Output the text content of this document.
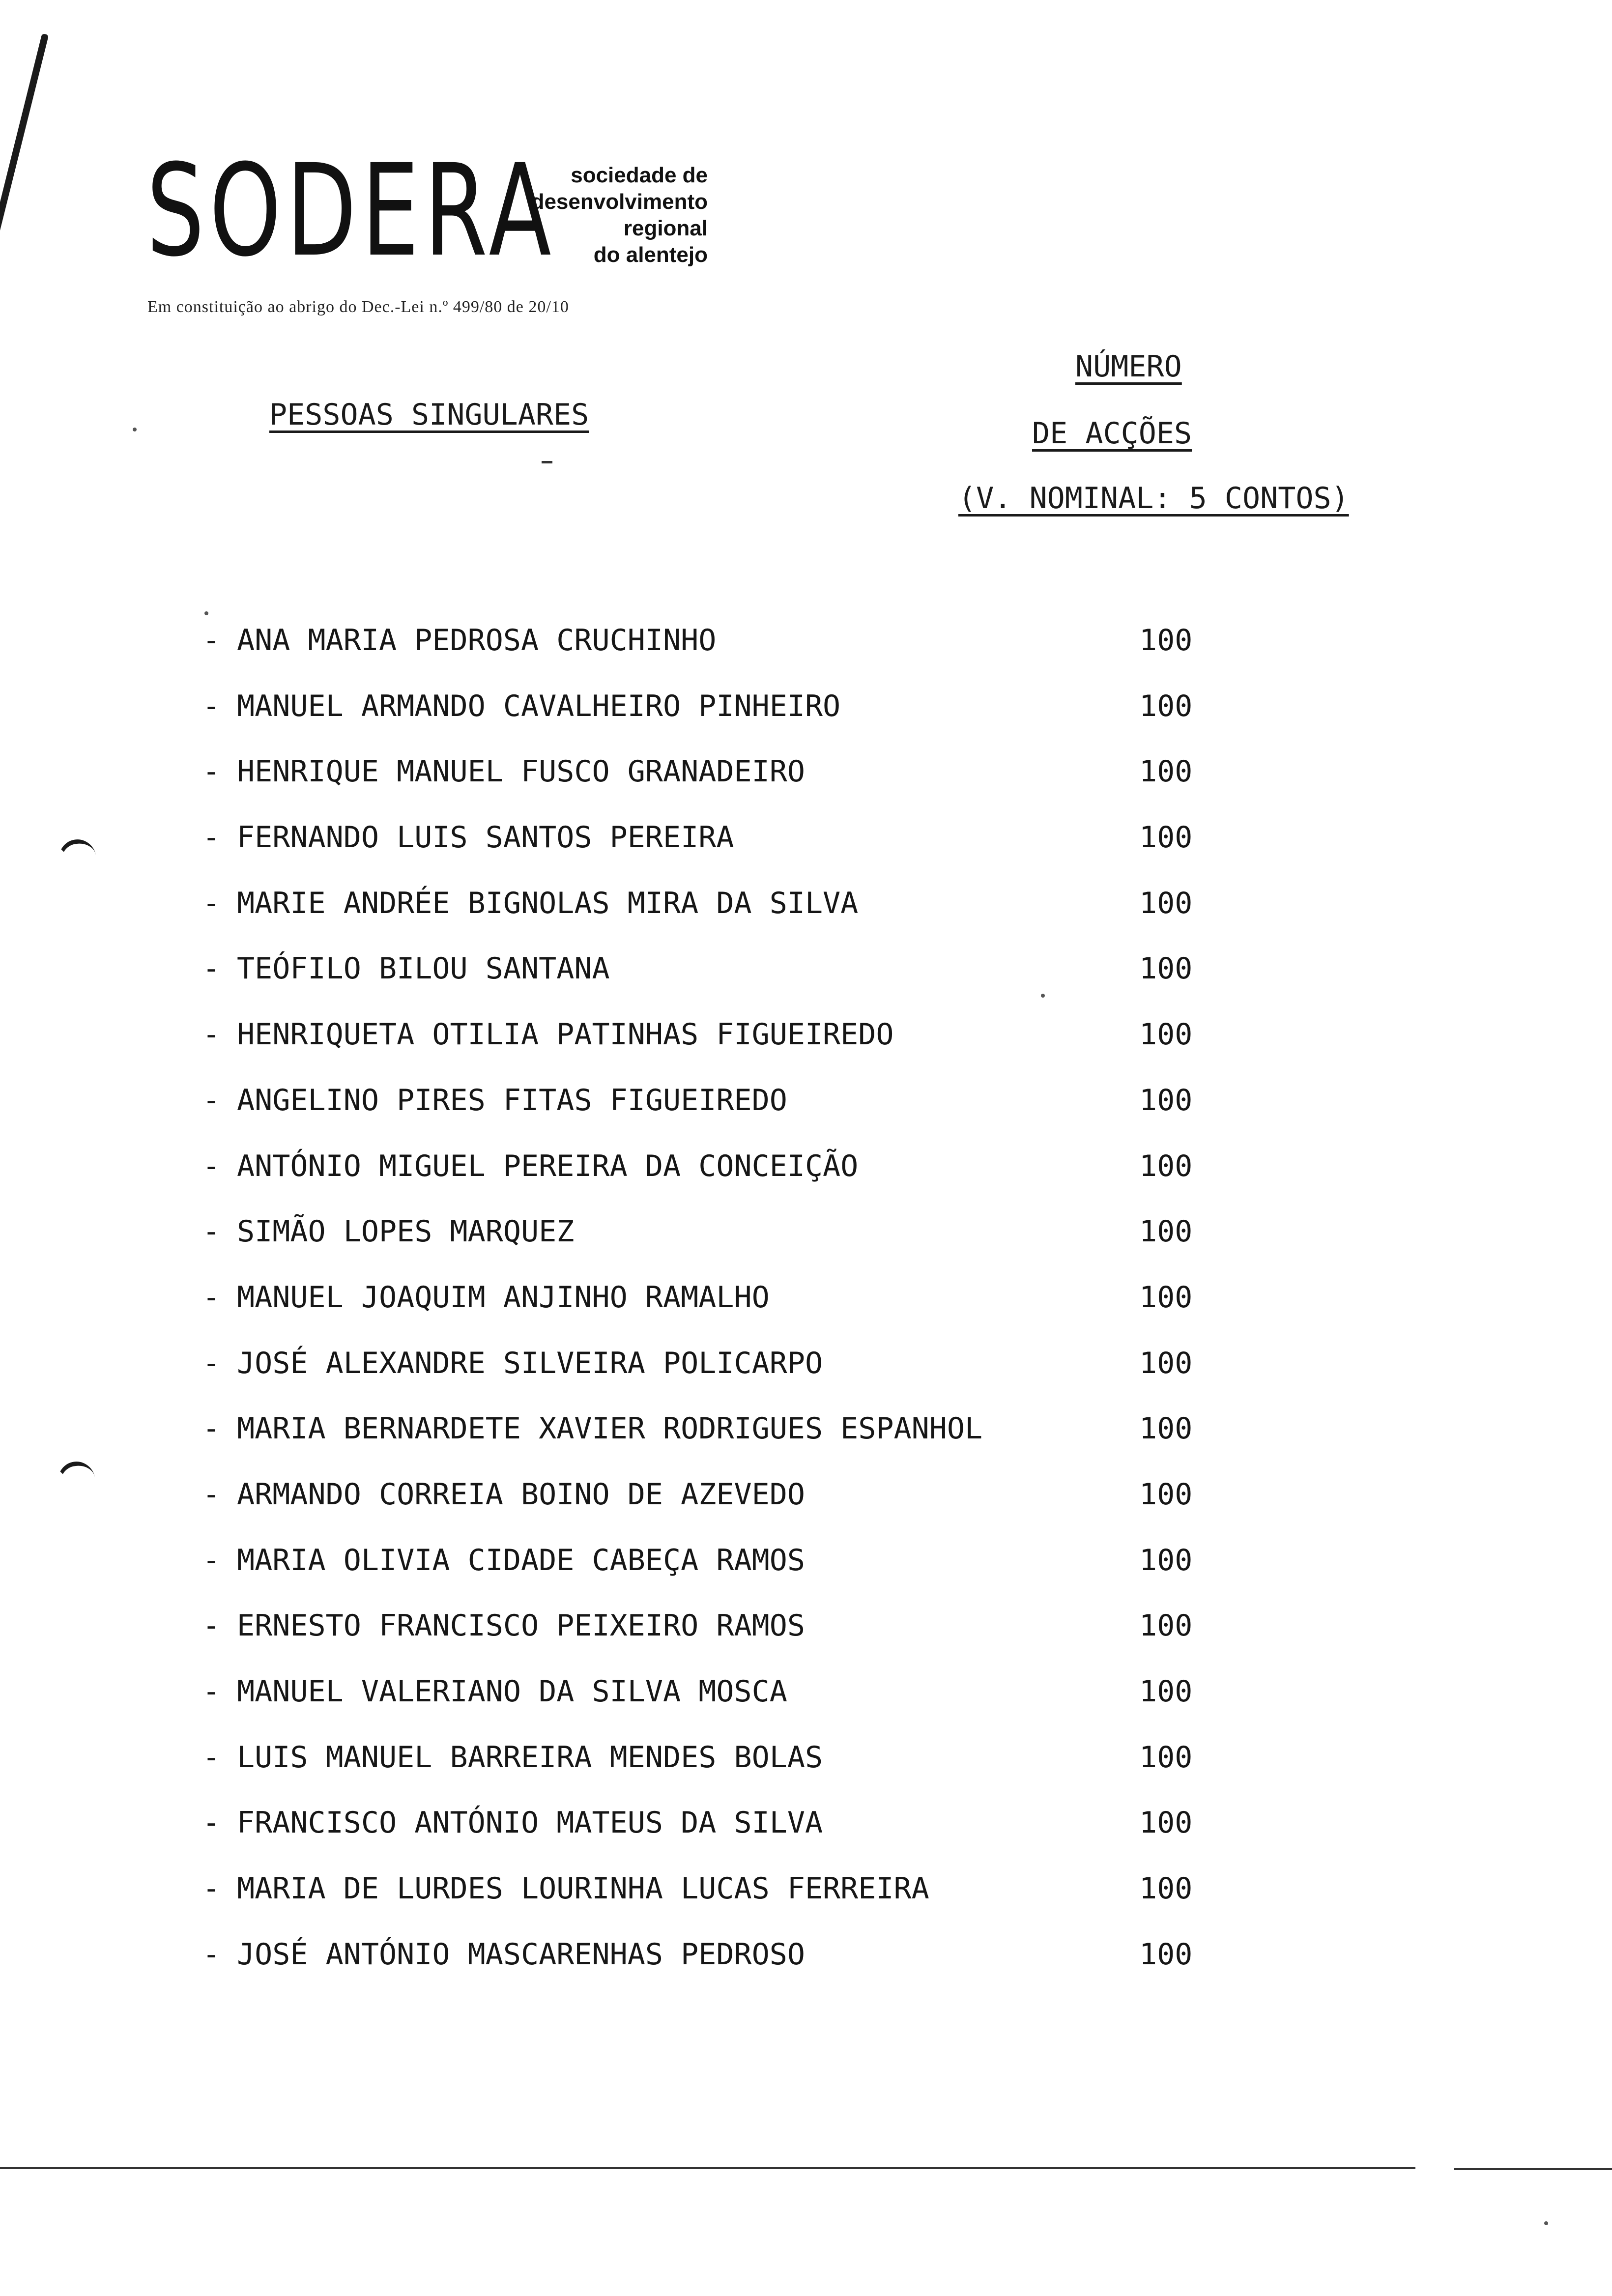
SODERA sociedade de
desenvolvimento
regional
do alentejo
Em constituição ao abrigo do Dec.-Lei n.º 499/80 de 20/10
PESSOAS SINGULARES
NÚMERO
DE ACÇÕES
(V. NOMINAL: 5 CONTOS)
- ANA MARIA PEDROSA CRUCHINHO	100
- MANUEL ARMANDO CAVALHEIRO PINHEIRO	100
- HENRIQUE MANUEL FUSCO GRANADEIRO	100
- FERNANDO LUIS SANTOS PEREIRA	100
- MARIE ANDRÉE BIGNOLAS MIRA DA SILVA	100
- TEÓFILO BILOU SANTANA	100
- HENRIQUETA OTILIA PATINHAS FIGUEIREDO	100
- ANGELINO PIRES FITAS FIGUEIREDO	100
- ANTÓNIO MIGUEL PEREIRA DA CONCEIÇÃO	100
- SIMÃO LOPES MARQUEZ	100
- MANUEL JOAQUIM ANJINHO RAMALHO	100
- JOSÉ ALEXANDRE SILVEIRA POLICARPO	100
- MARIA BERNARDETE XAVIER RODRIGUES ESPANHOL	100
- ARMANDO CORREIA BOINO DE AZEVEDO	100
- MARIA OLIVIA CIDADE CABEÇA RAMOS	100
- ERNESTO FRANCISCO PEIXEIRO RAMOS	100
- MANUEL VALERIANO DA SILVA MOSCA	100
- LUIS MANUEL BARREIRA MENDES BOLAS	100
- FRANCISCO ANTÓNIO MATEUS DA SILVA	100
- MARIA DE LURDES LOURINHA LUCAS FERREIRA	100
- JOSÉ ANTÓNIO MASCARENHAS PEDROSO	100
